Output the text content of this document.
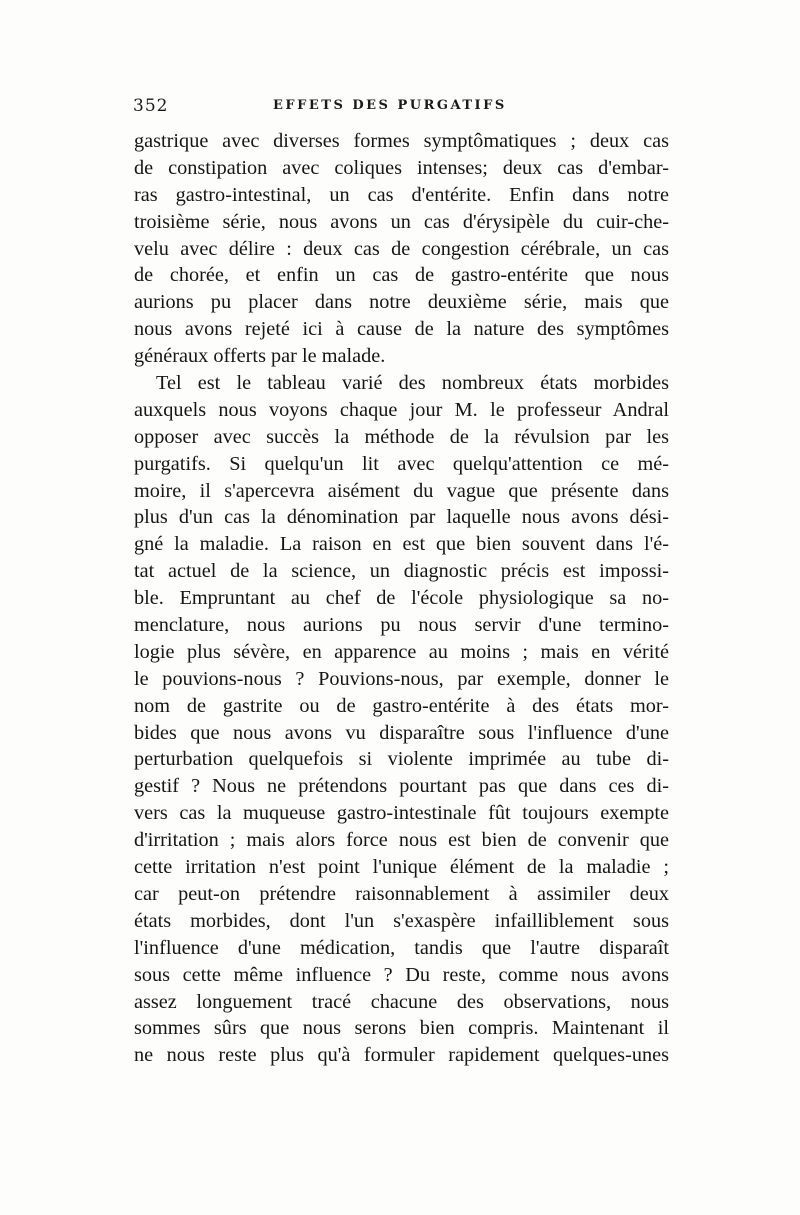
352	EFFETS DES PURGATIFS
gastrique avec diverses formes symptômatiques ; deux cas
de constipation avec coliques intenses; deux cas d'embar-
ras gastro-intestinal, un cas d'entérite. Enfin dans notre
troisième série, nous avons un cas d'érysipèle du cuir-che-
velu avec délire : deux cas de congestion cérébrale, un cas
de chorée, et enfin un cas de gastro-entérite que nous
aurions pu placer dans notre deuxième série, mais que
nous avons rejeté ici à cause de la nature des symptômes
généraux offerts par le malade.
Tel est le tableau varié des nombreux états morbides
auxquels nous voyons chaque jour M. le professeur Andral
opposer avec succès la méthode de la révulsion par les
purgatifs. Si quelqu'un lit avec quelqu'attention ce mé-
moire, il s'apercevra aisément du vague que présente dans
plus d'un cas la dénomination par laquelle nous avons dési-
gné la maladie. La raison en est que bien souvent dans l'é-
tat actuel de la science, un diagnostic précis est impossi-
ble. Empruntant au chef de l'école physiologique sa no-
menclature, nous aurions pu nous servir d'une termino-
logie plus sévère, en apparence au moins ; mais en vérité
le pouvions-nous ? Pouvions-nous, par exemple, donner le
nom de gastrite ou de gastro-entérite à des états mor-
bides que nous avons vu disparaître sous l'influence d'une
perturbation quelquefois si violente imprimée au tube di-
gestif ? Nous ne prétendons pourtant pas que dans ces di-
vers cas la muqueuse gastro-intestinale fût toujours exempte
d'irritation ; mais alors force nous est bien de convenir que
cette irritation n'est point l'unique élément de la maladie ;
car peut-on prétendre raisonnablement à assimiler deux
états morbides, dont l'un s'exaspère infailliblement sous
l'influence d'une médication, tandis que l'autre disparaît
sous cette même influence ? Du reste, comme nous avons
assez longuement tracé chacune des observations, nous
sommes sûrs que nous serons bien compris. Maintenant il
ne nous reste plus qu'à formuler rapidement quelques-unes
